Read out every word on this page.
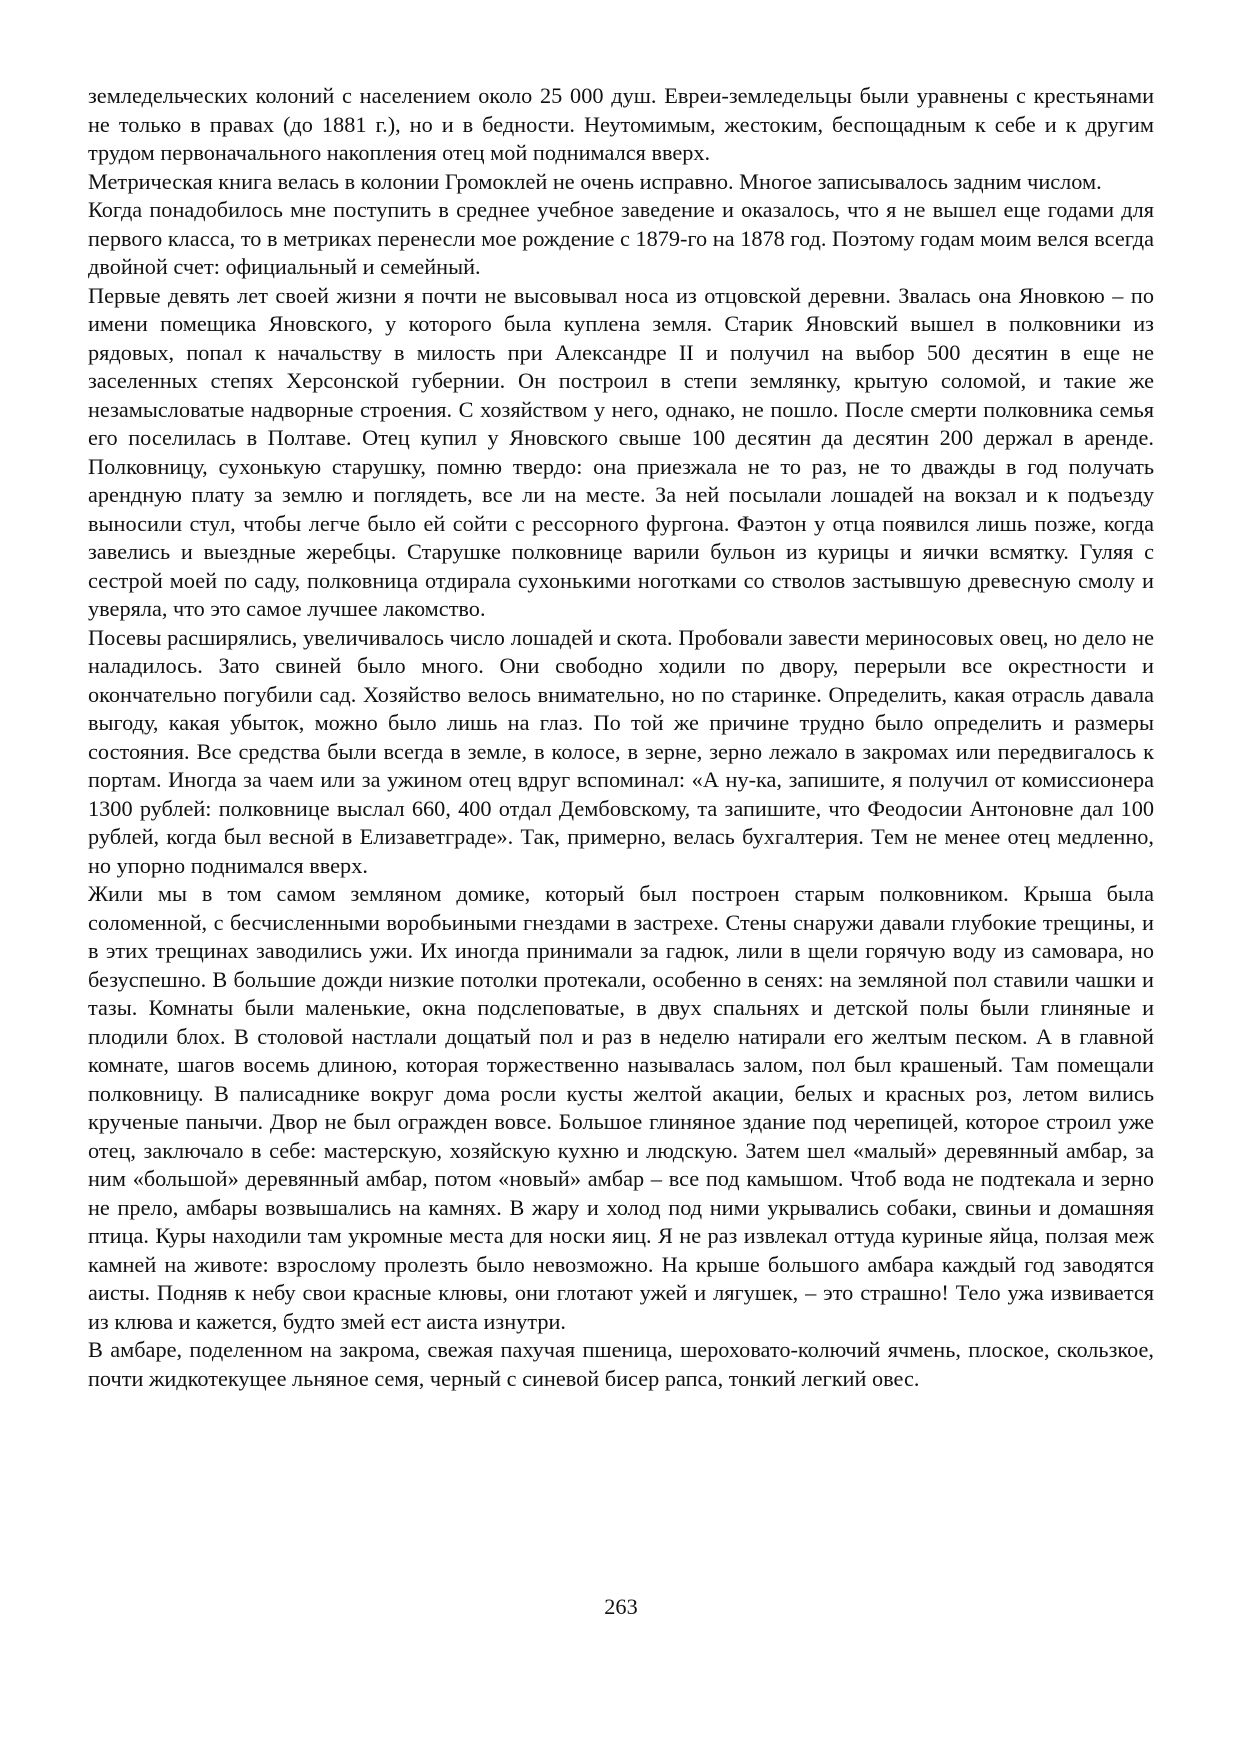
земледельческих колоний с населением около 25 000 душ. Евреи-земледельцы были уравнены с крестьянами не только в правах (до 1881 г.), но и в бедности. Неутомимым, жестоким, беспощадным к себе и к другим трудом первоначального накопления отец мой поднимался вверх.

Метрическая книга велась в колонии Громоклей не очень исправно. Многое записывалось задним числом.

Когда понадобилось мне поступить в среднее учебное заведение и оказалось, что я не вышел еще годами для первого класса, то в метриках перенесли мое рождение с 1879-го на 1878 год. Поэтому годам моим велся всегда двойной счет: официальный и семейный.

Первые девять лет своей жизни я почти не высовывал носа из отцовской деревни. Звалась она Яновкою – по имени помещика Яновского, у которого была куплена земля. Старик Яновский вышел в полковники из рядовых, попал к начальству в милость при Александре II и получил на выбор 500 десятин в еще не заселенных степях Херсонской губернии. Он построил в степи землянку, крытую соломой, и такие же незамысловатые надворные строения. С хозяйством у него, однако, не пошло. После смерти полковника семья его поселилась в Полтаве. Отец купил у Яновского свыше 100 десятин да десятин 200 держал в аренде. Полковницу, сухонькую старушку, помню твердо: она приезжала не то раз, не то дважды в год получать арендную плату за землю и поглядеть, все ли на месте. За ней посылали лошадей на вокзал и к подъезду выносили стул, чтобы легче было ей сойти с рессорного фургона. Фаэтон у отца появился лишь позже, когда завелись и выездные жеребцы. Старушке полковнице варили бульон из курицы и яички всмятку. Гуляя с сестрой моей по саду, полковница отдирала сухонькими ноготками со стволов застывшую древесную смолу и уверяла, что это самое лучшее лакомство.

Посевы расширялись, увеличивалось число лошадей и скота. Пробовали завести мериносовых овец, но дело не наладилось. Зато свиней было много. Они свободно ходили по двору, перерыли все окрестности и окончательно погубили сад. Хозяйство велось внимательно, но по старинке. Определить, какая отрасль давала выгоду, какая убыток, можно было лишь на глаз. По той же причине трудно было определить и размеры состояния. Все средства были всегда в земле, в колосе, в зерне, зерно лежало в закромах или передвигалось к портам. Иногда за чаем или за ужином отец вдруг вспоминал: «А ну-ка, запишите, я получил от комиссионера 1300 рублей: полковнице выслал 660, 400 отдал Дембовскому, та запишите, что Феодосии Антоновне дал 100 рублей, когда был весной в Елизаветграде». Так, примерно, велась бухгалтерия. Тем не менее отец медленно, но упорно поднимался вверх.

Жили мы в том самом земляном домике, который был построен старым полковником. Крыша была соломенной, с бесчисленными воробьиными гнездами в застрехе. Стены снаружи давали глубокие трещины, и в этих трещинах заводились ужи. Их иногда принимали за гадюк, лили в щели горячую воду из самовара, но безуспешно. В большие дожди низкие потолки протекали, особенно в сенях: на земляной пол ставили чашки и тазы. Комнаты были маленькие, окна подслеповатые, в двух спальнях и детской полы были глиняные и плодили блох. В столовой настлали дощатый пол и раз в неделю натирали его желтым песком. А в главной комнате, шагов восемь длиною, которая торжественно называлась залом, пол был крашеный. Там помещали полковницу. В палисаднике вокруг дома росли кусты желтой акации, белых и красных роз, летом вились крученые панычи. Двор не был огражден вовсе. Большое глиняное здание под черепицей, которое строил уже отец, заключало в себе: мастерскую, хозяйскую кухню и людскую. Затем шел «малый» деревянный амбар, за ним «большой» деревянный амбар, потом «новый» амбар – все под камышом. Чтоб вода не подтекала и зерно не прело, амбары возвышались на камнях. В жару и холод под ними укрывались собаки, свиньи и домашняя птица. Куры находили там укромные места для носки яиц. Я не раз извлекал оттуда куриные яйца, ползая меж камней на животе: взрослому пролезть было невозможно. На крыше большого амбара каждый год заводятся аисты. Подняв к небу свои красные клювы, они глотают ужей и лягушек, – это страшно! Тело ужа извивается из клюва и кажется, будто змей ест аиста изнутри.

В амбаре, поделенном на закрома, свежая пахучая пшеница, шероховато-колючий ячмень, плоское, скользкое, почти жидкотекущее льняное семя, черный с синевой бисер рапса, тонкий легкий овес.

263
